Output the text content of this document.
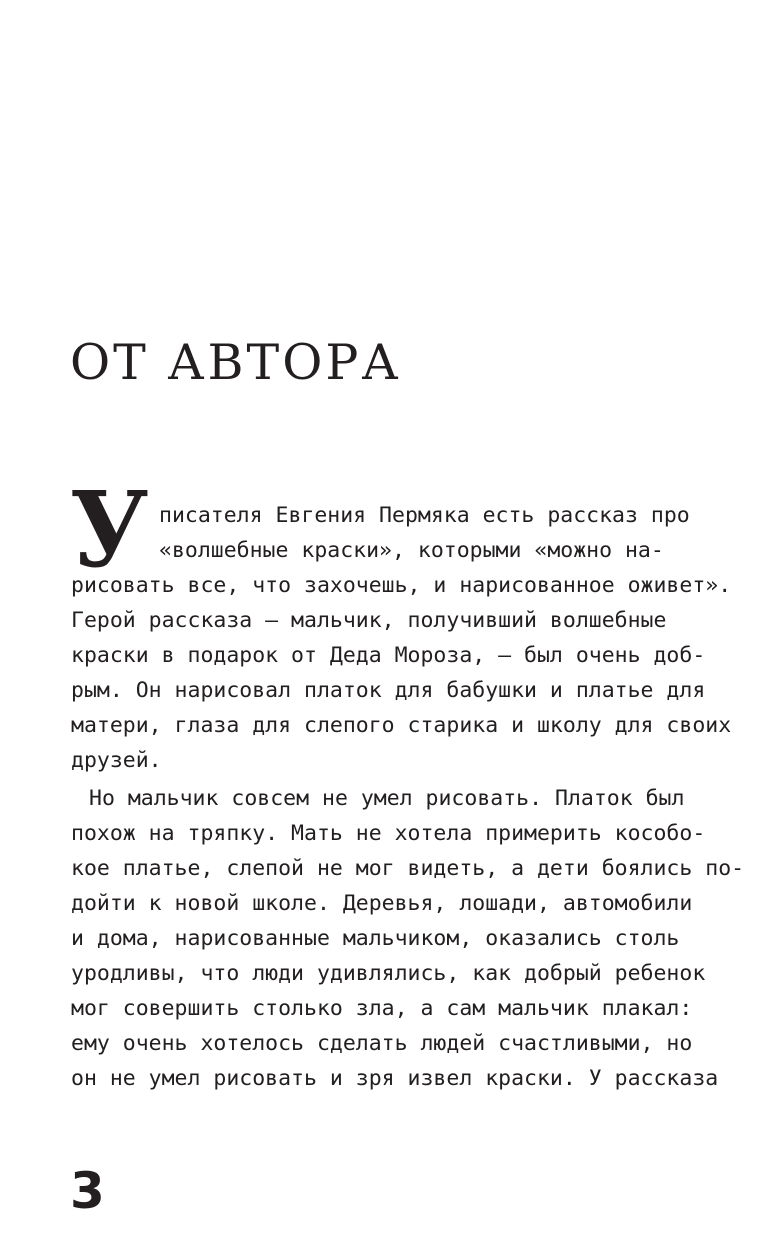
ОТ АВТОРА
У писателя Евгения Пермяка есть рассказ про

«волшебные краски», которыми «можно на-

рисовать все, что захочешь, и нарисованное оживет».

Герой рассказа — мальчик, получивший волшебные

краски в подарок от Деда Мороза, — был очень доб-

рым. Он нарисовал платок для бабушки и платье для

матери, глаза для слепого старика и школу для своих

друзей.

Но мальчик совсем не умел рисовать. Платок был

похож на тряпку. Мать не хотела примерить кособо-

кое платье, слепой не мог видеть, а дети боялись по-

дойти к новой школе. Деревья, лошади, автомобили

и дома, нарисованные мальчиком, оказались столь

уродливы, что люди удивлялись, как добрый ребенок

мог совершить столько зла, а сам мальчик плакал:

ему очень хотелось сделать людей счастливыми, но

он не умел рисовать и зря извел краски. У рассказа

3
